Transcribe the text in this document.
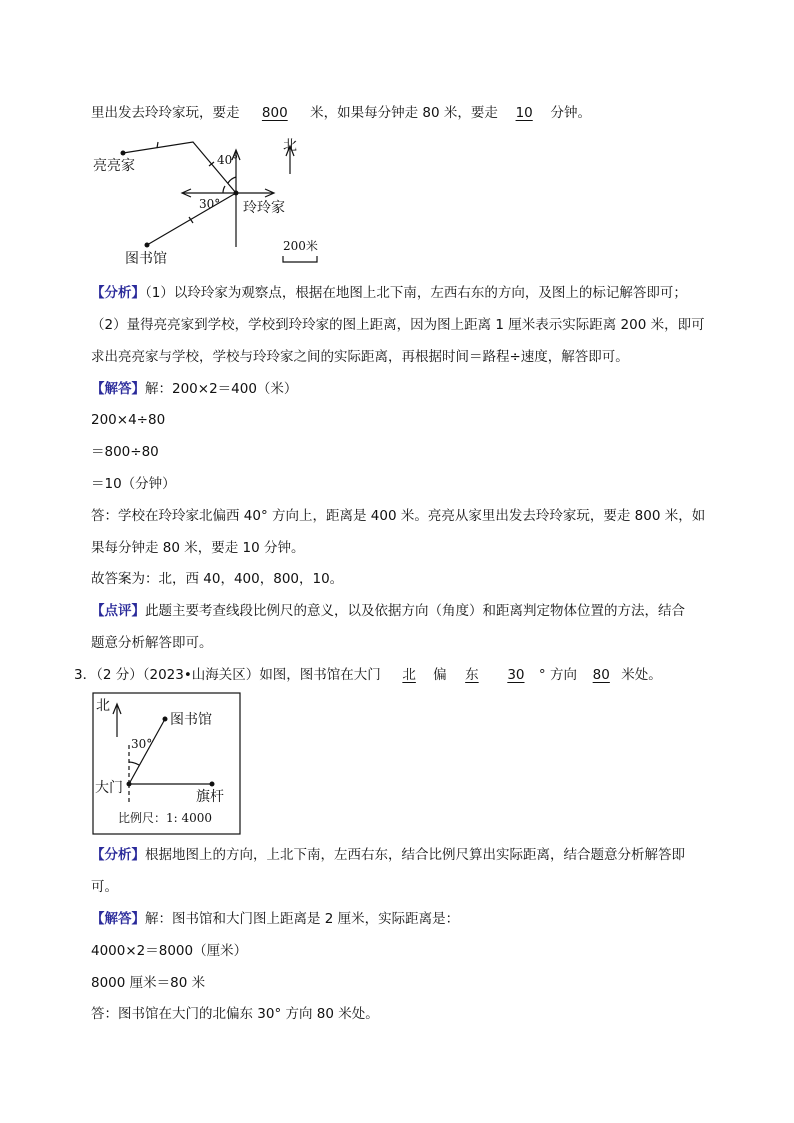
里出发去玲玲家玩，要走 800 米，如果每分钟走 80 米，要走 10 分钟。
北
亮亮家
玲玲家
图书馆
40°
30°
200米
【分析】（1）以玲玲家为观察点，根据在地图上北下南，左西右东的方向，及图上的标记解答即可；
（2）量得亮亮家到学校，学校到玲玲家的图上距离，因为图上距离 1 厘米表示实际距离 200 米，即可
求出亮亮家与学校，学校与玲玲家之间的实际距离，再根据时间＝路程÷速度，解答即可。
【解答】解：200×2＝400（米）
200×4÷80
＝800÷80
＝10（分钟）
答：学校在玲玲家北偏西 40° 方向上，距离是 400 米。亮亮从家里出发去玲玲家玩，要走 800 米，如
果每分钟走 80 米，要走 10 分钟。
故答案为：北，西 40，400，800，10。
【点评】此题主要考查线段比例尺的意义，以及依据方向（角度）和距离判定物体位置的方法，结合
题意分析解答即可。
3．（2 分）（2023•山海关区）如图，图书馆在大门 北 偏 东 30 ° 方向 80 米处。
北
图书馆
30°
大门
旗杆
比例尺：1: 4000
【分析】根据地图上的方向，上北下南，左西右东，结合比例尺算出实际距离，结合题意分析解答即
可。
【解答】解：图书馆和大门图上距离是 2 厘米，实际距离是：
4000×2＝8000（厘米）
8000 厘米＝80 米
答：图书馆在大门的北偏东 30° 方向 80 米处。
